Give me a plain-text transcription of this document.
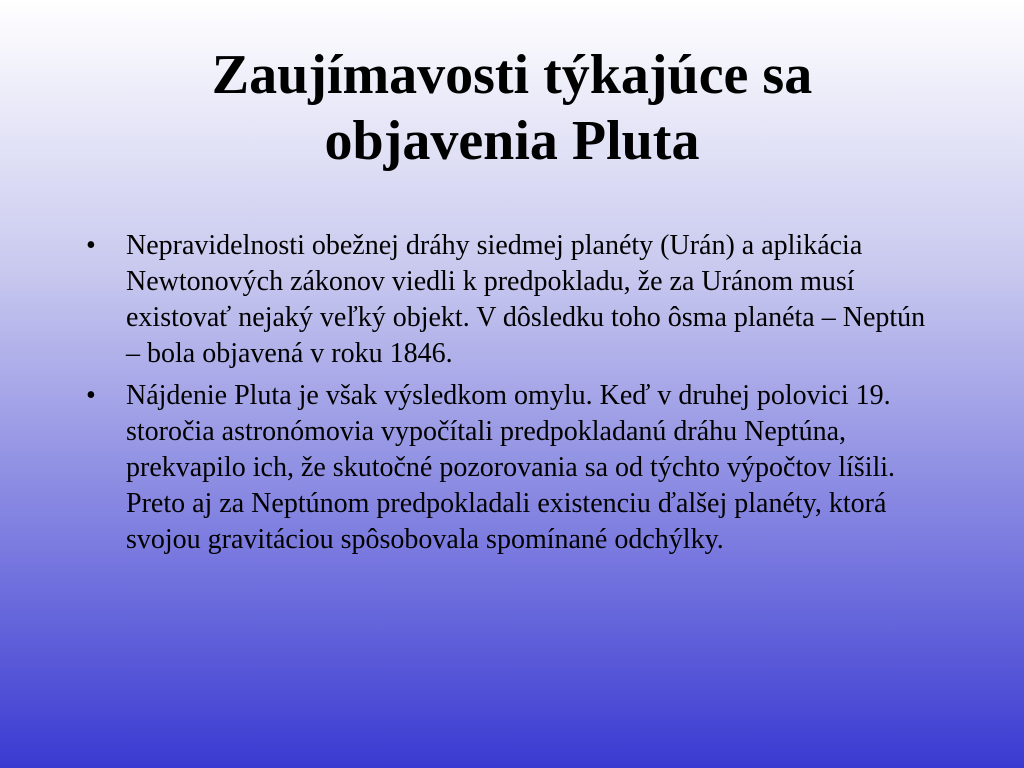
Zaujímavosti týkajúce sa
objavenia Pluta
•	Nepravidelnosti obežnej dráhy siedmej planéty (Urán) a aplikácia Newtonových zákonov viedli k predpokladu, že za Uránom musí existovať nejaký veľký objekt. V dôsledku toho ôsma planéta – Neptún – bola objavená v roku 1846.
•	Nájdenie Pluta je však výsledkom omylu. Keď v druhej polovici 19. storočia astronómovia vypočítali predpokladanú dráhu Neptúna, prekvapilo ich, že skutočné pozorovania sa od týchto výpočtov líšili. Preto aj za Neptúnom predpokladali existenciu ďalšej planéty, ktorá svojou gravitáciou spôsobovala spomínané odchýlky.
